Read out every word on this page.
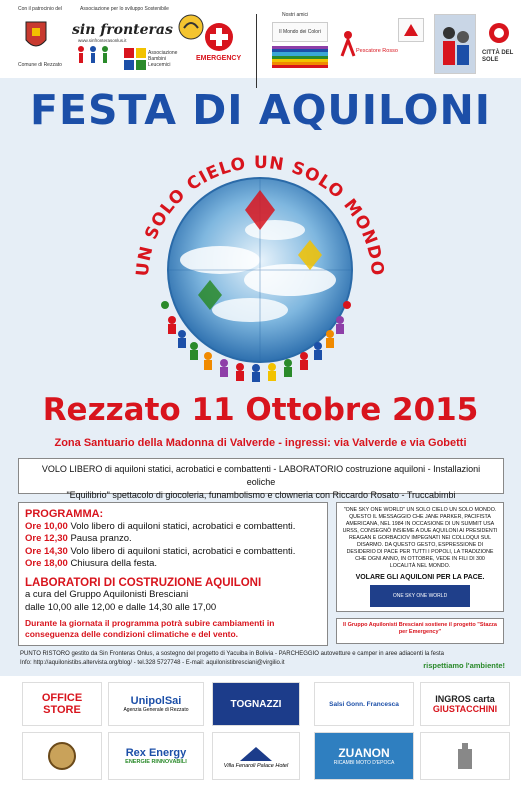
Con il patrocinio del
Comune di Rezzato
Associazione per lo sviluppo Sostenibile
sin fronteras
www.sinfronterasonlus.it
Associazione Bambini Leucemici
EMERGENCY
Nostri amici
Il Mondo dei Colori
Pescatore Rosso	CITTÀ DEL SOLE
FESTA DI AQUILONI
UN SOLO CIELO UN SOLO MONDO
Rezzato 11 Ottobre 2015
Zona Santuario della Madonna di Valverde - ingressi: via Valverde e via Gobetti
VOLO LIBERO di aquiloni statici, acrobatici e combattenti - LABORATORIO costruzione aquiloni - Installazioni eoliche
"Equilibrio" spettacolo di giocoleria, funambolismo e clowneria con Riccardo Rosato - Truccabimbi
PROGRAMMA:
Ore 10,00 Volo libero di aquiloni statici, acrobatici e combattenti.
Ore 12,30 Pausa pranzo.
Ore 14,30 Volo libero di aquiloni statici, acrobatici e combattenti.
Ore 18,00 Chiusura della festa.
LABORATORI DI COSTRUZIONE AQUILONI
a cura del Gruppo Aquilonisti Bresciani
dalle 10,00 alle 12,00 e dalle 14,30 alle 17,00
Durante la giornata il programma potrà subire cambiamenti in conseguenza delle condizioni climatiche e del vento.
"ONE SKY ONE WORLD" UN SOLO CIELO UN SOLO MONDO. QUESTO IL MESSAGGIO CHE JANE PARKER, PACIFISTA AMERICANA, NEL 1984 IN OCCASIONE DI UN SUMMIT USA URSS, CONSEGNÒ INSIEME A DUE AQUILONI AI PRESIDENTI REAGAN E GORBACIOV IMPEGNATI NEI COLLOQUI SUL DISARMO. DA QUESTO GESTO, ESPRESSIONE DI DESIDERIO DI PACE PER TUTTI I POPOLI, LA TRADIZIONE CHE OGNI ANNO, IN OTTOBRE, VEDE IN FILI DI 300 LOCALITÀ NEL MONDO.
VOLARE GLI AQUILONI PER LA PACE.
ONE SKY ONE WORLD
Il Gruppo Aquilonisti Bresciani sostiene il progetto "Stazza per Emergency"
PUNTO RISTORO gestito da Sin Fronteras Onlus, a sostegno del progetto di Yacuiba in Bolivia - PARCHEGGIO autovetture e camper in aree adiacenti la festa
Info: http://aquilonistibs.altervista.org/blog/ - tel.328 5727748 - E-mail: aquilonistibresciani@virgilio.it	rispettiamo l'ambiente!
OFFICE STORE
UnipolSai
Agenzia Generale di Rezzato
TOGNAZZI	Salsi Gonn. Francesca	INGROS carta
GIUSTACCHINI
Rex Energy
ENERGIE RINNOVABILI
Villa Fenaroli Palace Hotel
ZUANON
RICAMBI MOTO D'EPOCA
